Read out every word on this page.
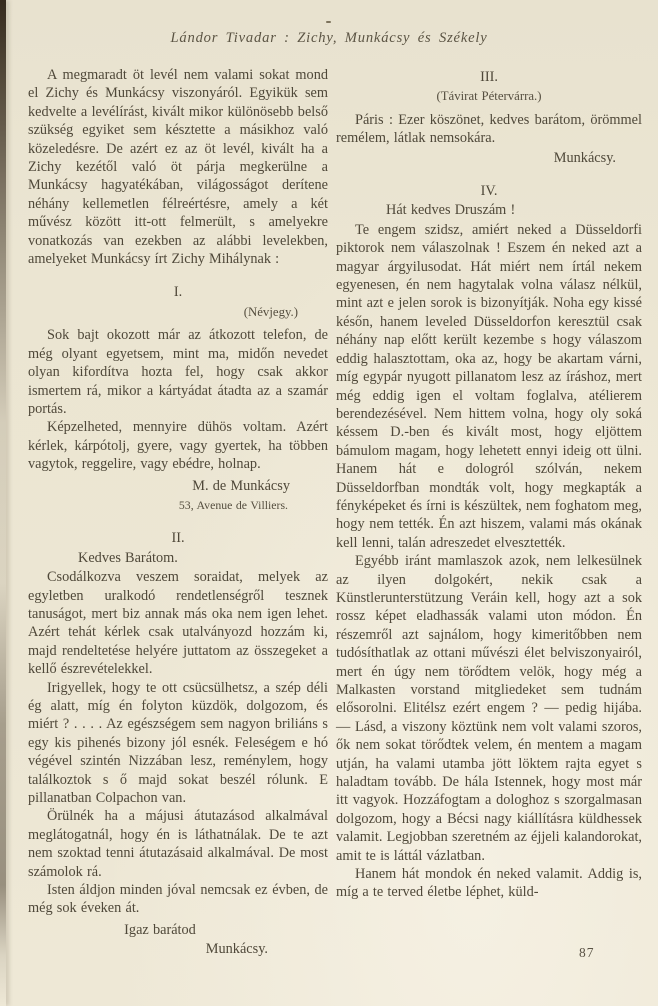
Lándor Tivadar : Zichy, Munkácsy és Székely

A megmaradt öt levél nem valami sokat mond el Zichy és Munkácsy viszonyáról. Egyikük sem kedvelte a levélírást, kivált mikor különösebb belső szükség egyiket sem késztette a másikhoz való közeledésre. De azért ez az öt levél, kivált ha a Zichy kezétől való öt párja megkerülne a Munkácsy hagyatékában, világosságot derítene néhány kellemetlen félreértésre, amely a két művész között itt-ott felmerült, s amelyekre vonatkozás van ezekben az alábbi levelekben, amelyeket Munkácsy írt Zichy Mihálynak :

I.
(Névjegy.)

Sok bajt okozott már az átkozott telefon, de még olyant egyetsem, mint ma, midőn nevedet olyan kifordítva hozta fel, hogy csak akkor ismertem rá, mikor a kártyádat átadta az a szamár portás.

Képzelheted, mennyire dühös voltam. Azért kérlek, kárpótolj, gyere, vagy gyertek, ha többen vagytok, reggelire, vagy ebédre, holnap.

M. de Munkácsy
53, Avenue de Villiers.
II.
Kedves Barátom.

Csodálkozva veszem soraidat, melyek az egyletben uralkodó rendetlenségről tesznek tanuságot, mert biz annak más oka nem igen lehet. Azért tehát kérlek csak utalványozd hozzám ki, majd rendeltetése helyére juttatom az összegeket a kellő észrevételekkel.

Irigyellek, hogy te ott csücsülhetsz, a szép déli ég alatt, míg én folyton küzdök, dolgozom, és miért ? . . . . Az egészségem sem nagyon briliáns s egy kis pihenés bizony jól esnék. Feleségem e hó végével szintén Nizzában lesz, reménylem, hogy találkoztok s ő majd sokat beszél rólunk. E pillanatban Colpachon van.

Örülnék ha a májusi átutazásod alkalmával meglátogatnál, hogy én is láthatnálak. De te azt nem szoktad tenni átutazásaid alkalmával. De most számolok rá.

Isten áldjon minden jóval nemcsak ez évben, de még sok éveken át.

Igaz barátod
Munkácsy.
III.
(Távirat Pétervárra.)

Páris : Ezer köszönet, kedves barátom, örömmel remélem, látlak nemsokára.

Munkácsy.
IV.
Hát kedves Druszám !

Te engem szidsz, amiért neked a Düsseldorfi piktorok nem válaszolnak ! Eszem én neked azt a magyar árgyilusodat. Hát miért nem írtál nekem egyenesen, én nem hagytalak volna válasz nélkül, mint azt e jelen sorok is bizonyítják. Noha egy kissé későn, hanem leveled Düsseldorfon keresztül csak néhány nap előtt került kezembe s hogy válaszom eddig halasztottam, oka az, hogy be akartam várni, míg egypár nyugott pillanatom lesz az íráshoz, mert még eddig igen el voltam foglalva, atélierem berendezésével. Nem hittem volna, hogy oly soká késsem D.-ben és kivált most, hogy eljöttem bámulom magam, hogy lehetett ennyi ideig ott ülni. Hanem hát e dologról szólván, nekem Düsseldorfban mondták volt, hogy megkapták a fényképeket és írni is készültek, nem foghatom meg, hogy nem tették. Én azt hiszem, valami más okának kell lenni, talán adreszedet elvesztették.

Egyébb iránt mamlaszok azok, nem lelkesülnek az ilyen dolgokért, nekik csak a Künstlerunterstützung Veráin kell, hogy azt a sok rossz képet eladhassák valami uton módon. Én részemről azt sajnálom, hogy kimeritőbben nem tudósíthatlak az ottani művészi élet belviszonyairól, mert én úgy nem törődtem velök, hogy még a Malkasten vorstand mitgliedeket sem tudnám elősorolni. Elitélsz ezért engem ? — pedig hijába. — Lásd, a viszony köztünk nem volt valami szoros, ők nem sokat törődtek velem, én mentem a magam utján, ha valami utamba jött löktem rajta egyet s haladtam tovább. De hála Istennek, hogy most már itt vagyok. Hozzáfogtam a dologhoz s szorgalmasan dolgozom, hogy a Bécsi nagy kiállításra küldhessek valamit. Legjobban szeretném az éjjeli kalandorokat, amit te is láttál vázlatban.

Hanem hát mondok én neked valamit. Addig is, míg a te terved életbe léphet, küld-

87
